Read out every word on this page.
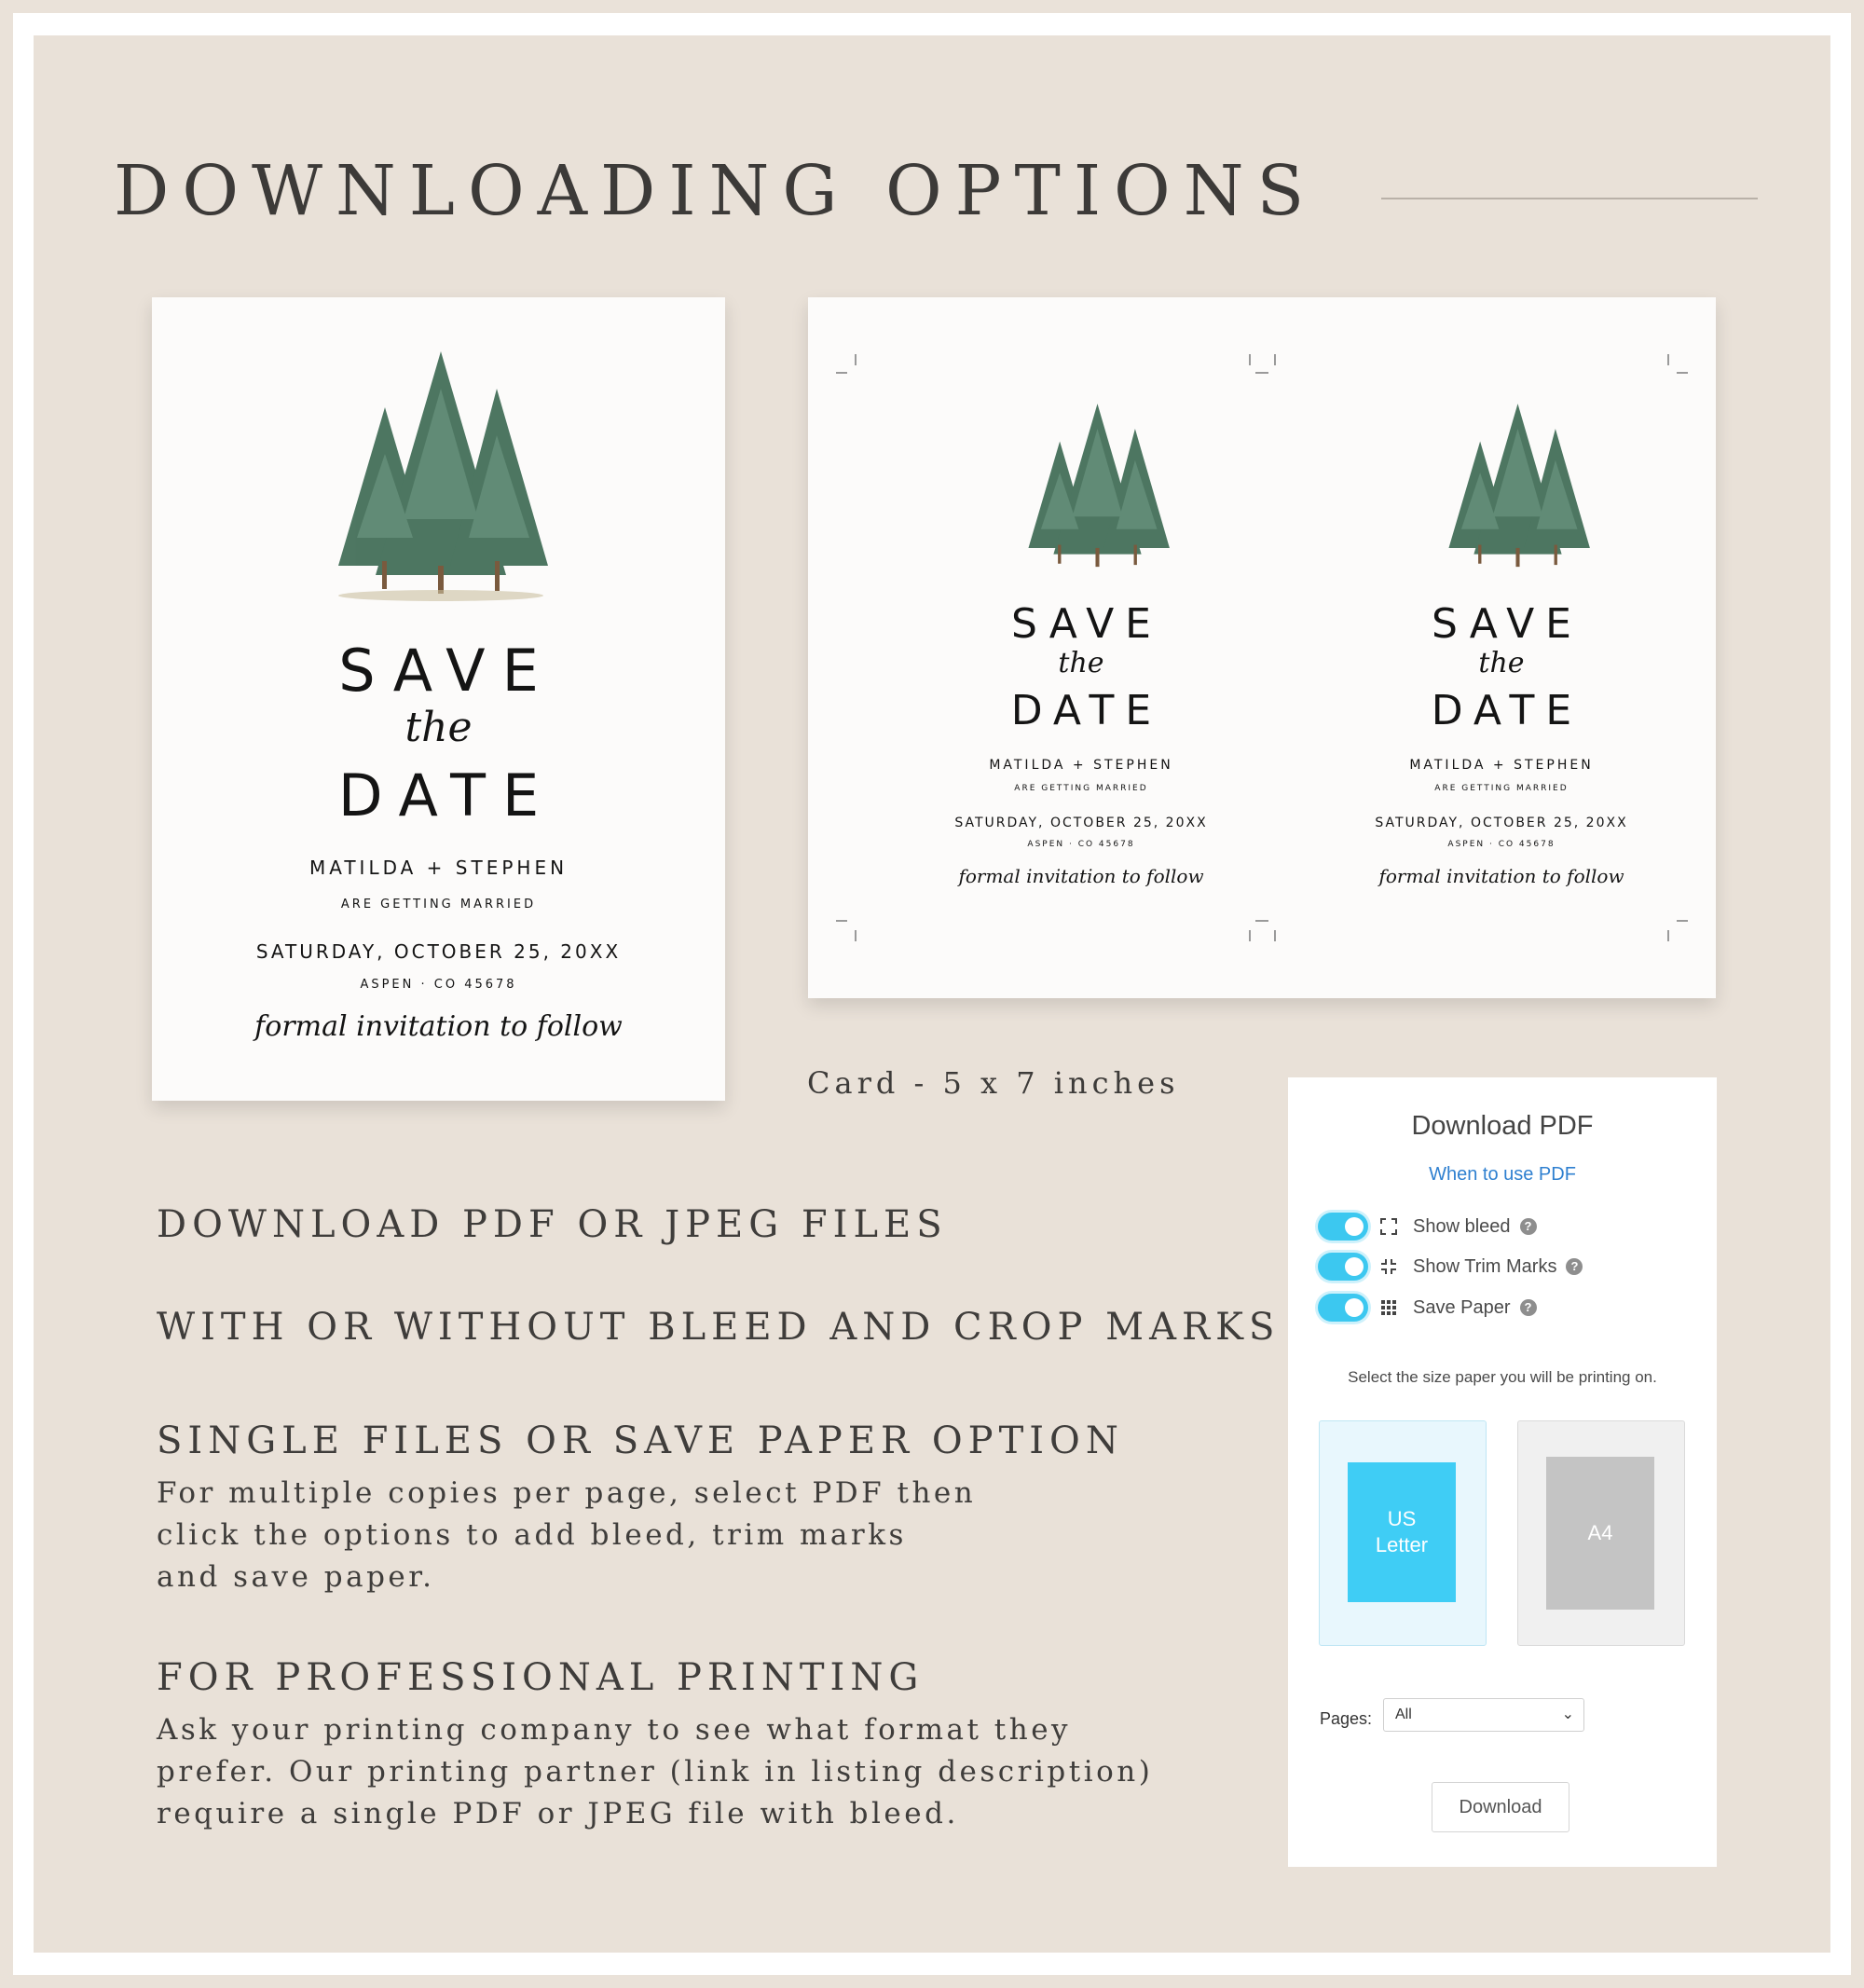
DOWNLOADING OPTIONS
SAVE
the
DATE
MATILDA + STEPHEN
ARE GETTING MARRIED
SATURDAY, OCTOBER 25, 20XX
ASPEN · CO 45678
formal invitation to follow
SAVE
the
DATE
MATILDA + STEPHEN
ARE GETTING MARRIED
SATURDAY, OCTOBER 25, 20XX
ASPEN · CO 45678
formal invitation to follow
SAVE
the
DATE
MATILDA + STEPHEN
ARE GETTING MARRIED
SATURDAY, OCTOBER 25, 20XX
ASPEN · CO 45678
formal invitation to follow
Card - 5 x 7 inches
DOWNLOAD PDF OR JPEG FILES
WITH OR WITHOUT BLEED AND CROP MARKS
SINGLE FILES OR SAVE PAPER OPTION
For multiple copies per page, select PDF then
click the options to add bleed, trim marks
and save paper.
FOR PROFESSIONAL PRINTING
Ask your printing company to see what format they
prefer. Our printing partner (link in listing description)
require a single PDF or JPEG file with bleed.
Download PDF
When to use PDF
Show bleed	?
Show Trim Marks	?
Save Paper	?
Select the size paper you will be printing on.
US
Letter
A4
Pages:	All	⌄
Download
